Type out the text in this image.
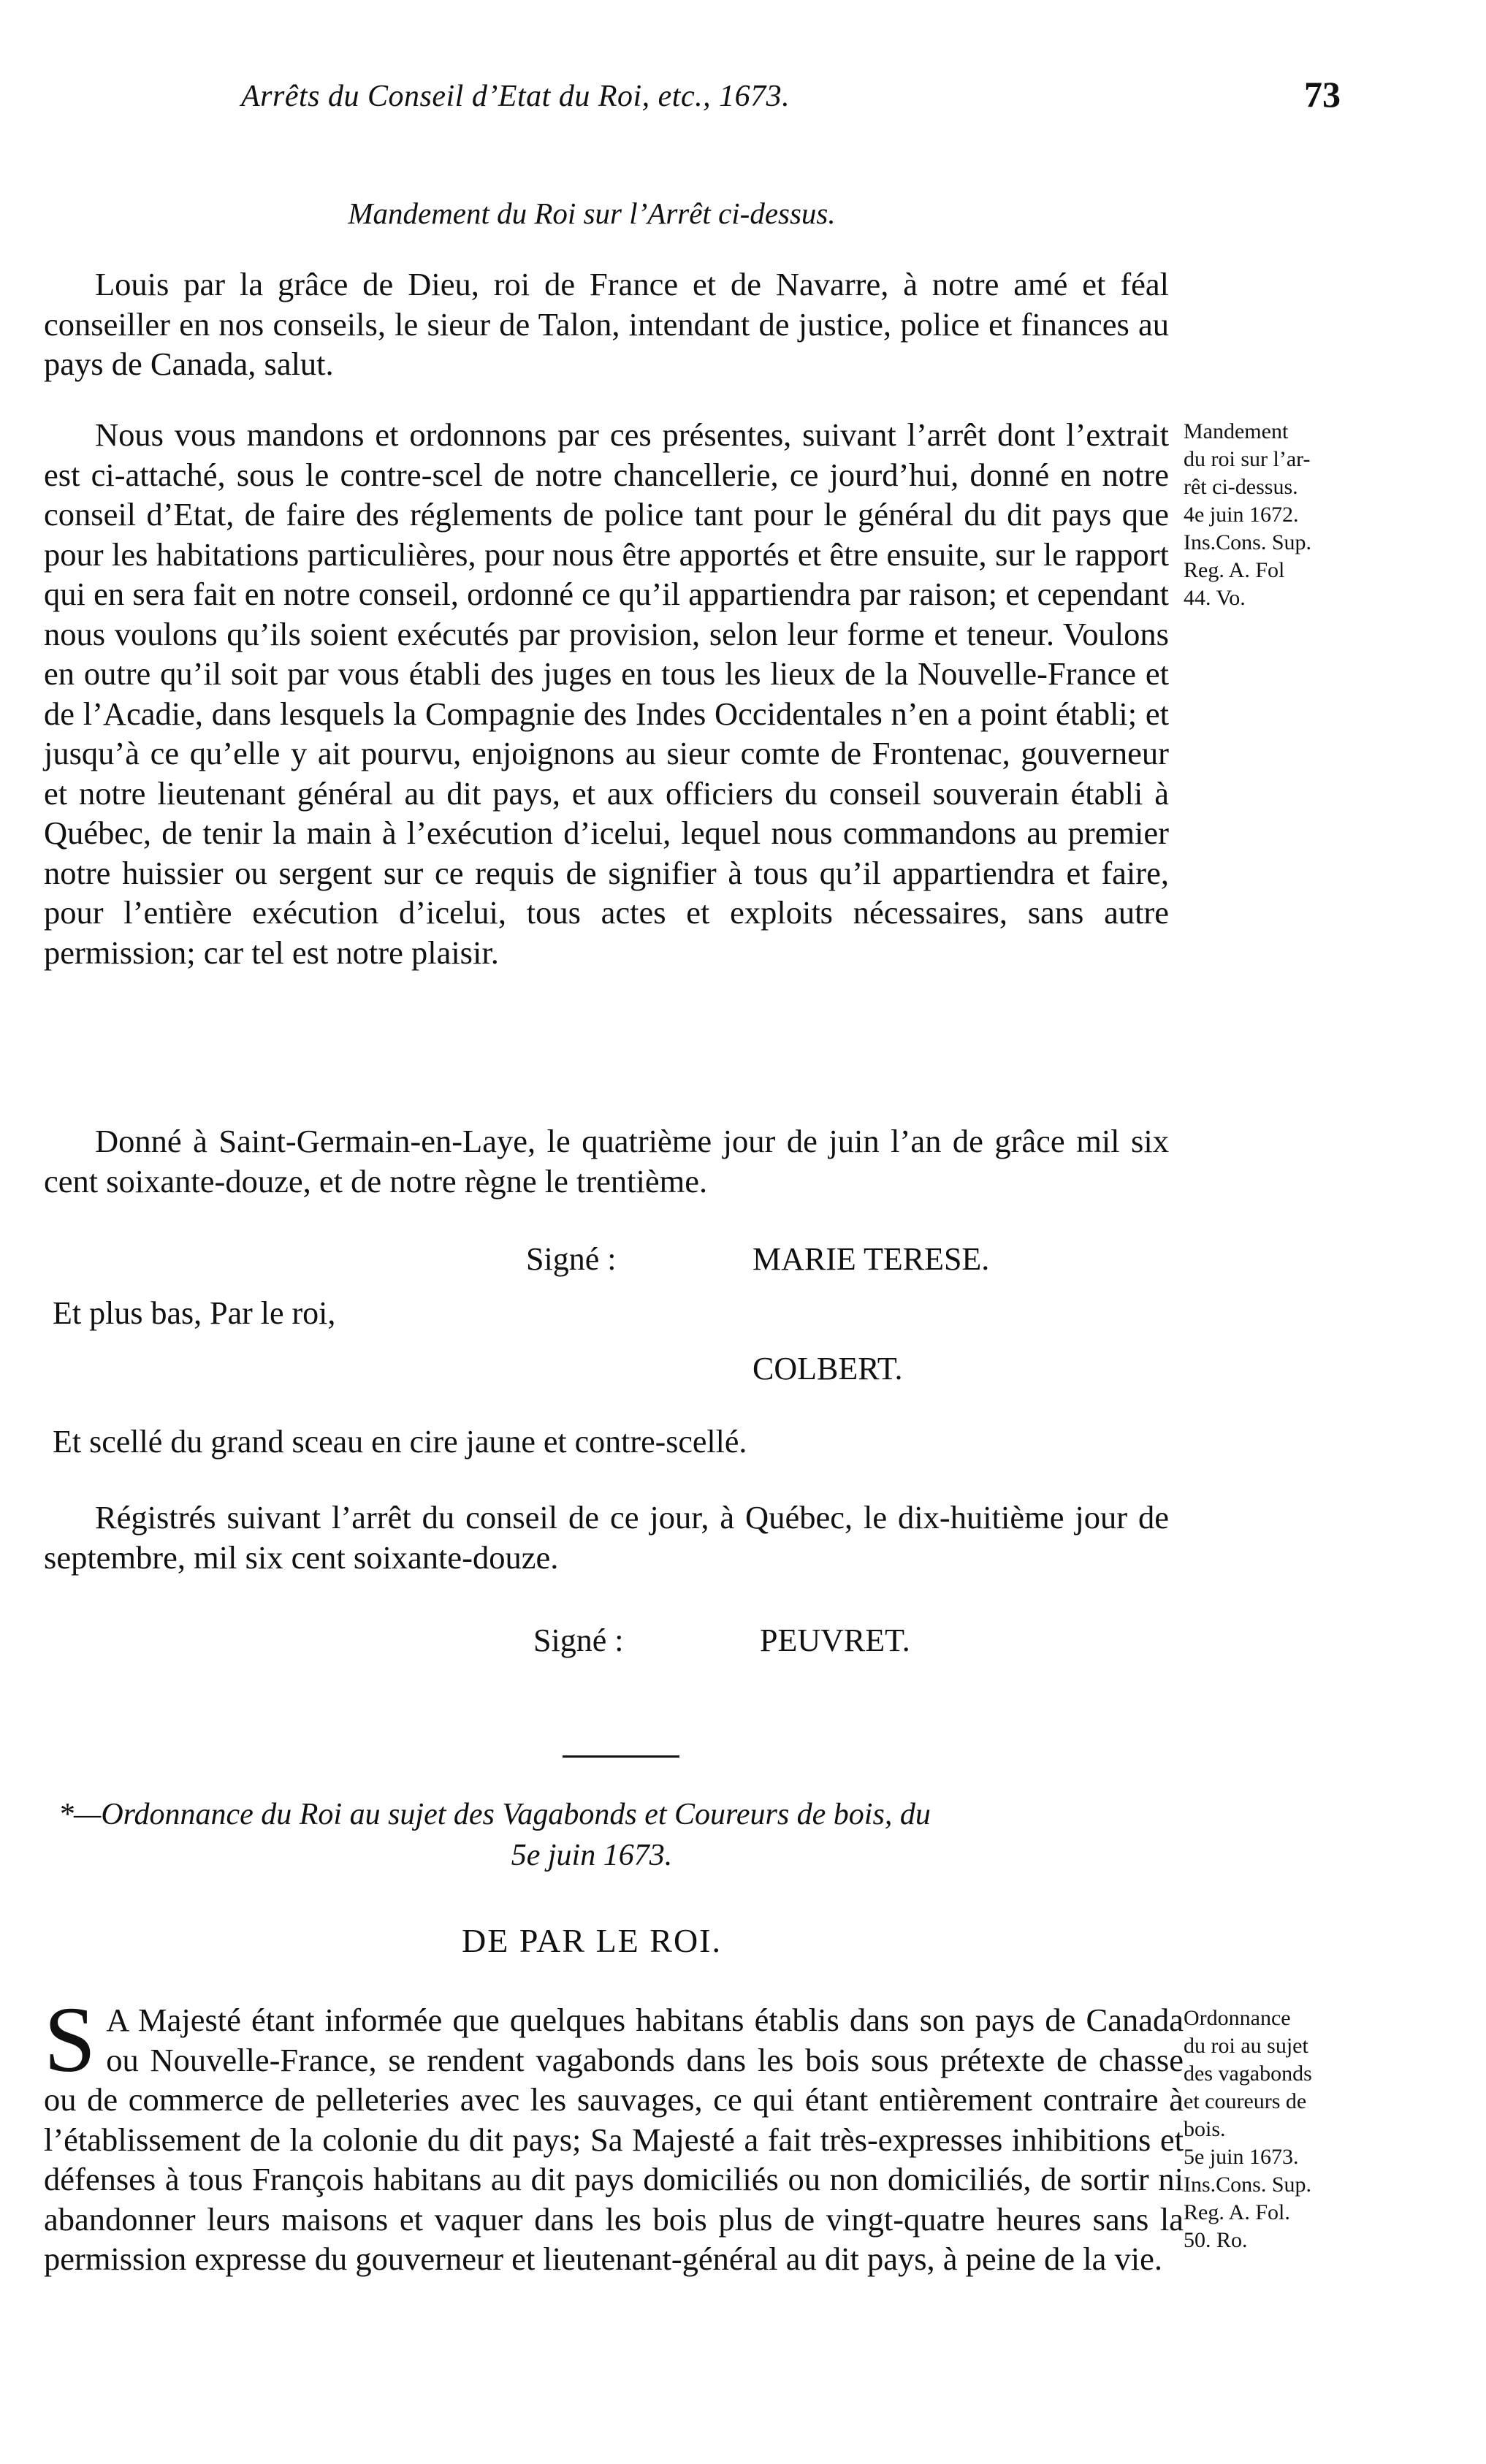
Arrêts du Conseil d’Etat du Roi, etc., 1673.	73
Mandement du Roi sur l’Arrêt ci-dessus.

Louis par la grâce de Dieu, roi de France et de Navarre, à notre amé et féal conseiller en nos conseils, le sieur de Talon, intendant de justice, police et finances au pays de Canada, salut.

Nous vous mandons et ordonnons par ces présentes, suivant l’arrêt dont l’extrait est ci-attaché, sous le contre-scel de notre chancellerie, ce jourd’hui, donné en notre conseil d’Etat, de faire des réglements de police tant pour le général du dit pays que pour les habitations particulières, pour nous être apportés et être ensuite, sur le rapport qui en sera fait en notre conseil, ordonné ce qu’il appartiendra par raison; et cependant nous voulons qu’ils soient exécutés par provision, selon leur forme et teneur. Voulons en outre qu’il soit par vous établi des juges en tous les lieux de la Nouvelle-France et de l’Acadie, dans lesquels la Compagnie des Indes Occidentales n’en a point établi; et jusqu’à ce qu’elle y ait pourvu, enjoignons au sieur comte de Frontenac, gouverneur et notre lieutenant général au dit pays, et aux officiers du conseil souverain établi à Québec, de tenir la main à l’exécution d’icelui, lequel nous commandons au premier notre huissier ou sergent sur ce requis de signifier à tous qu’il appartiendra et faire, pour l’entière exécution d’icelui, tous actes et exploits nécessaires, sans autre permission; car tel est notre plaisir.

Mandement
du roi sur l’ar-
rêt ci-dessus.
4e juin 1672.
Ins.Cons. Sup.
Reg. A. Fol
44. Vo.

Donné à Saint-Germain-en-Laye, le quatrième jour de juin l’an de grâce mil six cent soixante-douze, et de notre règne le trentième.

Signé :	MARIE TERESE.
Et plus bas, Par le roi,
COLBERT.
Et scellé du grand sceau en cire jaune et contre-scellé.

Régistrés suivant l’arrêt du conseil de ce jour, à Québec, le dix-huitième jour de septembre, mil six cent soixante-douze.

Signé :	PEUVRET.
*—Ordonnance du Roi au sujet des Vagabonds et Coureurs de bois, du
5e juin 1673.
DE PAR LE ROI.

S A Majesté étant informée que quelques habitans établis dans son pays de Canada ou Nouvelle-France, se rendent vagabonds dans les bois sous prétexte de chasse ou de commerce de pelleteries avec les sauvages, ce qui étant entièrement contraire à l’établissement de la colonie du dit pays; Sa Majesté a fait très-expresses inhibitions et défenses à tous François habitans au dit pays domiciliés ou non domiciliés, de sortir ni abandonner leurs maisons et vaquer dans les bois plus de vingt-quatre heures sans la permission expresse du gouverneur et lieutenant-général au dit pays, à peine de la vie.

Ordonnance
du roi au sujet
des vagabonds
et coureurs de
bois.
5e juin 1673.
Ins.Cons. Sup.
Reg. A. Fol.
50. Ro.
